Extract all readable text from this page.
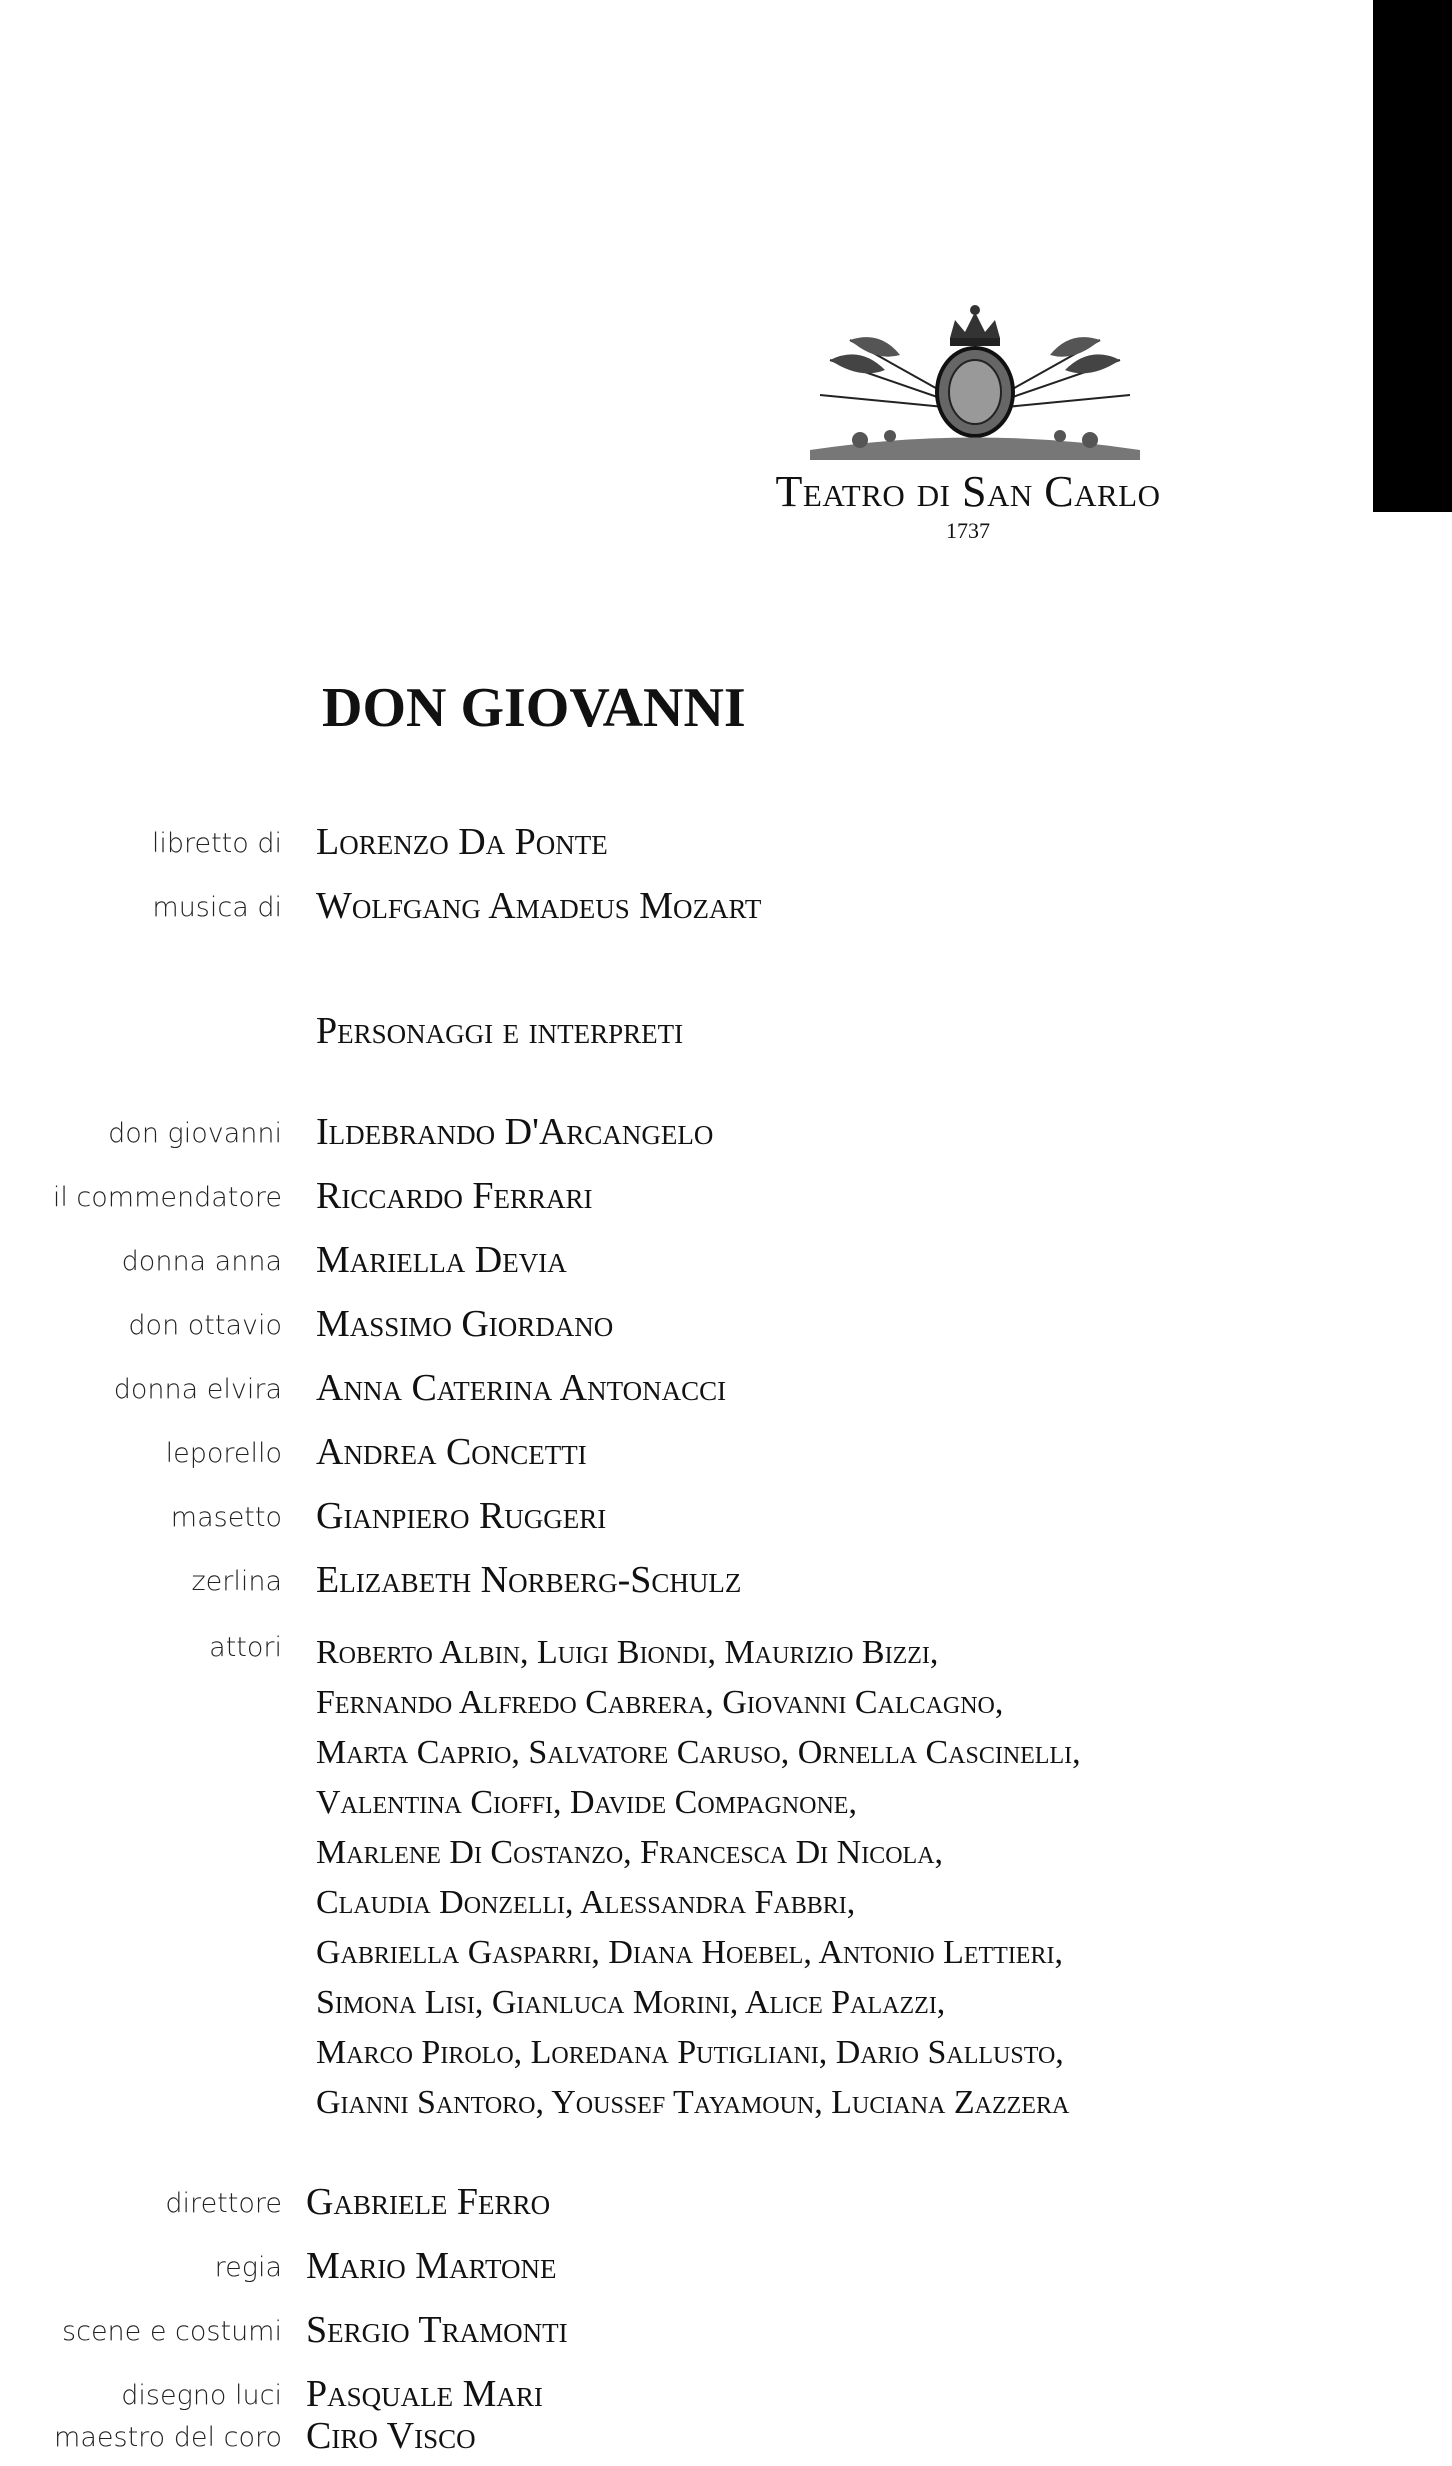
Teatro di San Carlo
1737
DON GIOVANNI
libretto di Lorenzo Da Ponte
musica di Wolfgang Amadeus Mozart
Personaggi e interpreti
don giovanni Ildebrando D'Arcangelo
il commendatore Riccardo Ferrari
donna anna Mariella Devia
don ottavio Massimo Giordano
donna elvira Anna Caterina Antonacci
leporello Andrea Concetti
masetto Gianpiero Ruggeri
zerlina Elizabeth Norberg-Schulz
attori Roberto Albin, Luigi Biondi, Maurizio Bizzi,
Fernando Alfredo Cabrera, Giovanni Calcagno,
Marta Caprio, Salvatore Caruso, Ornella Cascinelli,
Valentina Cioffi, Davide Compagnone,
Marlene Di Costanzo, Francesca Di Nicola,
Claudia Donzelli, Alessandra Fabbri,
Gabriella Gasparri, Diana Hoebel, Antonio Lettieri,
Simona Lisi, Gianluca Morini, Alice Palazzi,
Marco Pirolo, Loredana Putigliani, Dario Sallusto,
Gianni Santoro, Youssef Tayamoun, Luciana Zazzera
direttore Gabriele Ferro
regia Mario Martone
scene e costumi Sergio Tramonti
disegno luci Pasquale Mari
maestro del coro Ciro Visco
